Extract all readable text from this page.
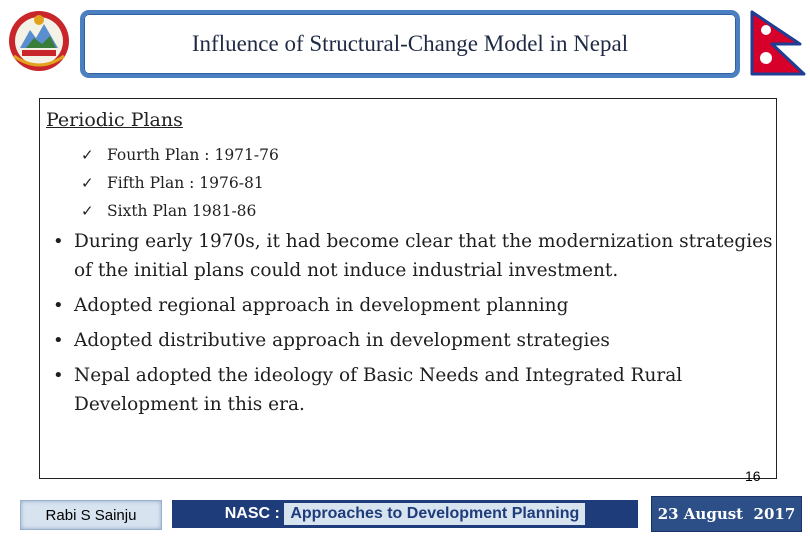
Influence of Structural-Change Model in Nepal
Periodic Plans
✓ Fourth Plan : 1971-76
✓ Fifth Plan : 1976-81
✓ Sixth Plan 1981-86
• During early 1970s, it had become clear that the modernization strategies of the initial plans could not induce industrial investment.
• Adopted regional approach in development planning
• Adopted distributive approach in development strategies
• Nepal adopted the ideology of Basic Needs and Integrated Rural Development in this era.
16
Rabi S Sainju	NASC : Approaches to Development Planning	23 August  2017
